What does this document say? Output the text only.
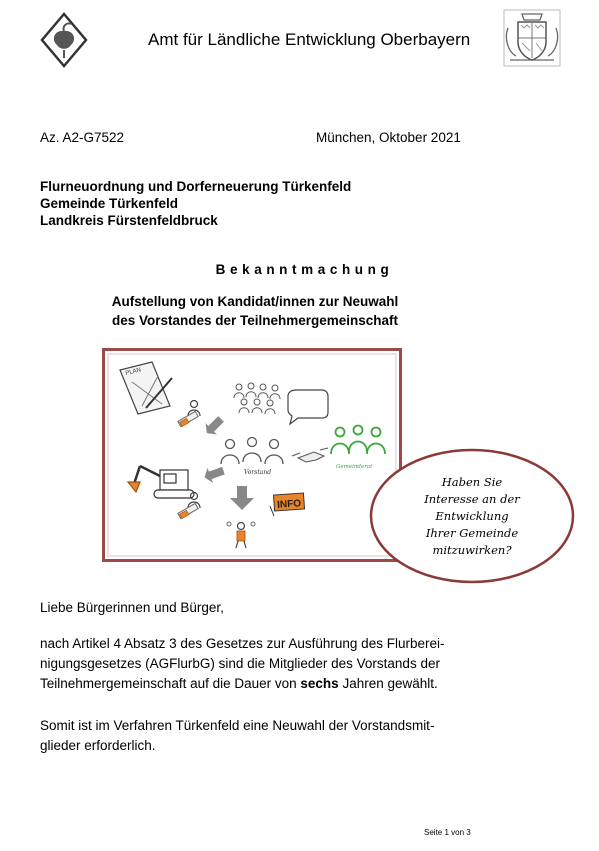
Amt für Ländliche Entwicklung Oberbayern
Az. A2-G7522	München, Oktober 2021
Flurneuordnung und Dorferneuerung Türkenfeld
Gemeinde Türkenfeld
Landkreis Fürstenfeldbruck
Bekanntmachung
Aufstellung von Kandidat/innen zur Neuwahl
des Vorstandes der Teilnehmergemeinschaft
PLAN
Vorstand
Gemeinderat
INFO
Haben Sie
Interesse an der
Entwicklung
Ihrer Gemeinde
mitzuwirken?
Liebe Bürgerinnen und Bürger,
nach Artikel 4 Absatz 3 des Gesetzes zur Ausführung des Flurberei-
nigungsgesetzes (AGFlurbG) sind die Mitglieder des Vorstands der
Teilnehmergemeinschaft auf die Dauer von sechs Jahren gewählt.
Somit ist im Verfahren Türkenfeld eine Neuwahl der Vorstandsmit-
glieder erforderlich.
Seite 1 von 3
